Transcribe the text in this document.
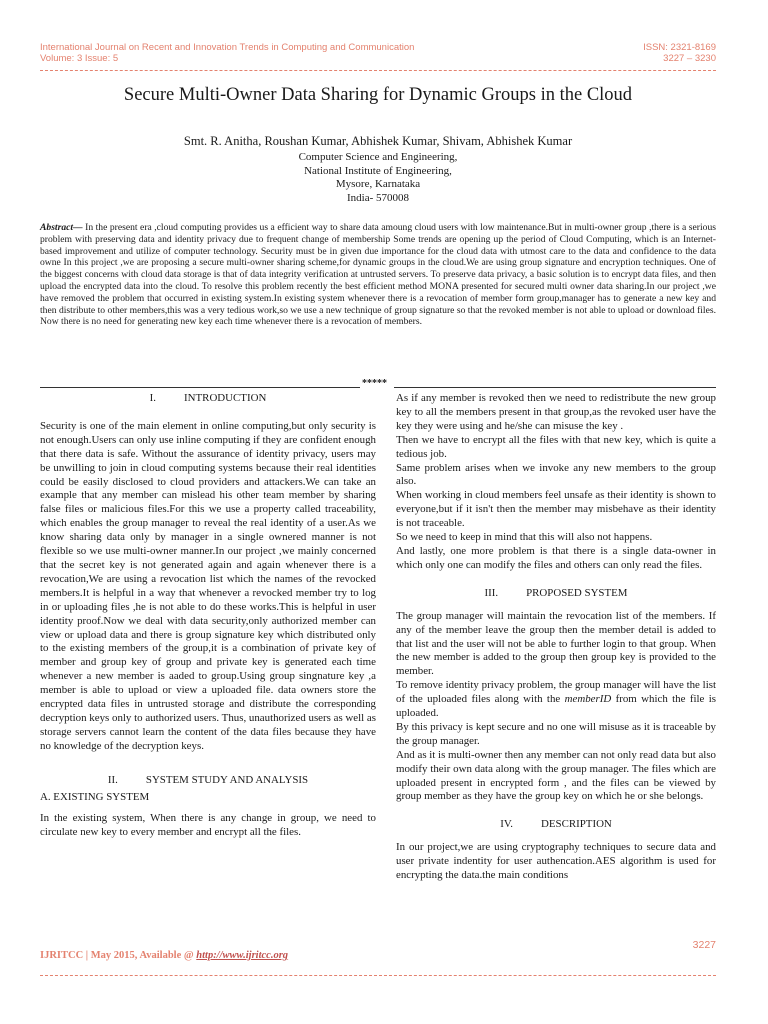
International Journal on Recent and Innovation Trends in Computing and Communication
Volume: 3 Issue: 5
ISSN: 2321-8169
3227 – 3230
Secure Multi-Owner Data Sharing for Dynamic Groups in the Cloud
Smt. R. Anitha, Roushan Kumar, Abhishek Kumar, Shivam, Abhishek Kumar
Computer Science and Engineering,
National Institute of Engineering,
Mysore, Karnataka
India- 570008
Abstract— In the present era ,cloud computing provides us a efficient way to share data amoung cloud users with low maintenance.But in multi-owner group ,there is a serious problem with preserving data and identity privacy due to frequent change of membership Some trends are opening up the period of Cloud Computing, which is an Internet-based improvement and utilize of computer technology. Security must be in given due importance for the cloud data with utmost care to the data and confidence to the data owne In this project ,we are proposing a secure multi-owner sharing scheme,for dynamic groups in the cloud.We are using group signature and encryption techniques. One of the biggest concerns with cloud data storage is that of data integrity verification at untrusted servers. To preserve data privacy, a basic solution is to encrypt data files, and then upload the encrypted data into the cloud. To resolve this problem recently the best efficient method MONA presented for secured multi owner data sharing.In our project ,we have removed the problem that occurred in existing system.In existing system whenever there is a revocation of member form group,manager has to generate a new key and then distribute to other members,this was a very tedious work,so we use a new technique of group signature so that the revoked member is not able to upload or download files. Now there is no need for generating new key each time whenever there is a revocation of members.
*****

I.	INTRODUCTION

Security is one of the main element in online computing,but only security is not enough.Users can only use inline computing if they are confident enough that there data is safe. Without the assurance of identity privacy, users may be unwilling to join in cloud computing systems because their real identities could be easily disclosed to cloud providers and attackers.We can take an example that any member can mislead his other team member by sharing false files or malicious files.For this we use a property called traceability, which enables the group manager to reveal the real identity of a user.As we know sharing data only by manager in a single ownered manner is not flexible so we use multi-owner manner.In our project ,we mainly concerned that the secret key is not generated again and again whenever there is a revocation,We are using a revocation list which the names of the revocked members.It is helpful in a way that whenever a revocked member try to log in or uploading files ,he is not able to do these works.This is helpful in user identity proof.Now we deal with data security,only authorized member can view or upload data and there is group signature key which distributed only to the existing members of the group,it is a combination of private key of member and group key of group and private key is generated each time whenever a new member is aaded to group.Using group singnature key ,a member is able to upload or view a uploaded file. data owners store the encrypted data files in untrusted storage and distribute the corresponding decryption keys only to authorized users. Thus, unauthorized users as well as storage servers cannot learn the content of the data files because they have no knowledge of the decryption keys.

II.	SYSTEM STUDY AND ANALYSIS

A. EXISTING SYSTEM

In the existing system, When there is any change in group, we need to circulate new key to every member and encrypt all the files.

As if any member is revoked then we need to redistribute the new group key to all the members present in that group,as the revoked user have the key they were using and he/she can misuse the key .

Then we have to encrypt all the files with that new key, which is quite a tedious job.

Same problem arises when we invoke any new members to the group also.

When working in cloud members feel unsafe as their identity is shown to everyone,but if it isn't then the member may misbehave as their identity is not traceable.

So we need to keep in mind that this will also not happens.

And lastly, one more problem is that there is a single data-owner in which only one can modify the files and others can only read the files.

III.	PROPOSED SYSTEM

The group manager will maintain the revocation list of the members. If any of the member leave the group then the member detail is added to that list and the user will not be able to further login to that group. When the new member is added to the group then group key is provided to the member.

To remove identity privacy problem, the group manager will have the list of the uploaded files along with the memberID from which the file is uploaded.

By this privacy is kept secure and no one will misuse as it is traceable by the group manager.

And as it is multi-owner then any member can not only read data but also modify their own data along with the group manager. The files which are uploaded present in encrypted form , and the files can be viewed by group member as they have the group key on which he or she belongs.

IV.	DESCRIPTION

In our project,we are using cryptography techniques to secure data and user private indentity for user authencation.AES algorithm is used for encrypting the data.the main conditions

3227
IJRITCC | May 2015, Available @ http://www.ijritcc.org
